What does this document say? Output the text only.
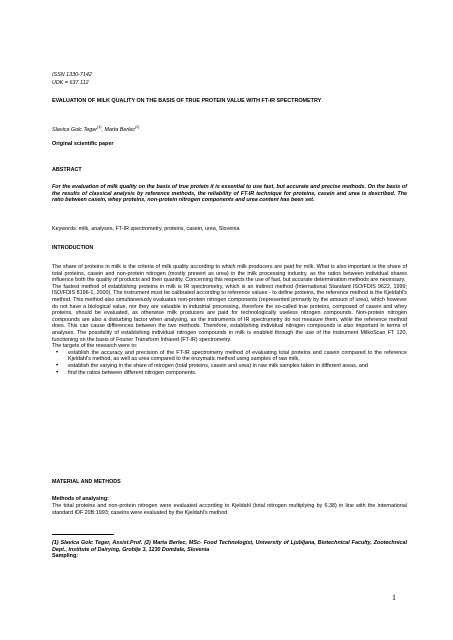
ISSN 1330-7142
UDK = 637.112
EVALUATION OF MILK QUALITY ON THE BASIS OF TRUE PROTEIN VALUE WITH FT-IR SPECTROMETRY
Slavica Golc Teger$^{(1)}$, Marta Berlec$^{(2)}$
Original scientific paper
ABSTRACT

For the evaluation of milk quality on the basis of true protein it is essential to use fast, but accurate and precise methods. On the basis of the results of classical analysis by reference methods, the reliability of FT-IR technique for proteins, casein and urea is described. The ratio between casein, whey proteins, non-protein nitrogen components and urea content has been set.

Keywords: milk, analyses, FT-IR spectrometry, proteins, casein, urea, Slovenia
INTRODUCTION

The share of proteins in milk is the criteria of milk quality according to which milk producers are paid for milk. What is also important is the share of total proteins, casein and non-protein nitrogen (mostly present as urea) in the milk processing industry, as the ratios between individual shares influence both the quality of products and their quantity. Concerning this respects the use of fast, but accurate determination methods are necessary.

The fastest method of establishing proteins in milk is IR spectrometry, which is an indirect method (International Standard ISO/FDIS 9622, 1999; ISO/FDIS 8196-1, 2000). The instrument must be calibrated according to reference values - to define proteins, the reference method is the Kjeldahl's method. This method also simultaneously evaluates non-protein nitrogen components (represented primarily by the amount of urea), which however do not have a biological value, nor they are valuable in industrial processing, therefore the so-called true proteins, composed of casein and whey proteins, should be evaluated, as otherwise milk producers are paid for technologically useless nitrogen compounds. Non-protein nitrogen compounds are also a disturbing factor when analysing, as the instruments of IR spectrometry do not measure them, while the reference method does. This can cause differences between the two methods. Therefore, establishing individual nitrogen compounds is also important in terms of analyses. The possibility of establishing individual nitrogen compounds in milk is enabled through the use of the instrument MilkoScan FT 120, functioning on the basis of Fourier Transform Infrared (FT-IR) spectrometry.

The targets of the research were to:

• establish the accuracy and precision of the FT-IR spectrometry method of evaluating total proteins and casein compared to the reference Kjeldahl's method, as well as urea compared to the enzymatic method using samples of raw milk,
• establish the varying in the share of nitrogen (total proteins, casein and urea) in raw milk samples taken in different areas, and
• find the ratios between different nitrogen components.
MATERIAL AND METHODS
Methods of analysing:

The total proteins and non-protein nitrogen were evaluated according to Kjeldahl (total nitrogen multiplying by 6.38) in line with the international standard IDF 20B:1993; caseins were evaluated by the Kjeldahl's method

(1) Slavica Golc Teger, Assist.Prof. (2) Marta Berlec, MSc- Food Technologist, University of Ljubljana, Biotechnical Faculty, Zootechnical Dept., Institute of Dairying, Groblje 3, 1230 Domžale, Slovenia

Sampling:
1
